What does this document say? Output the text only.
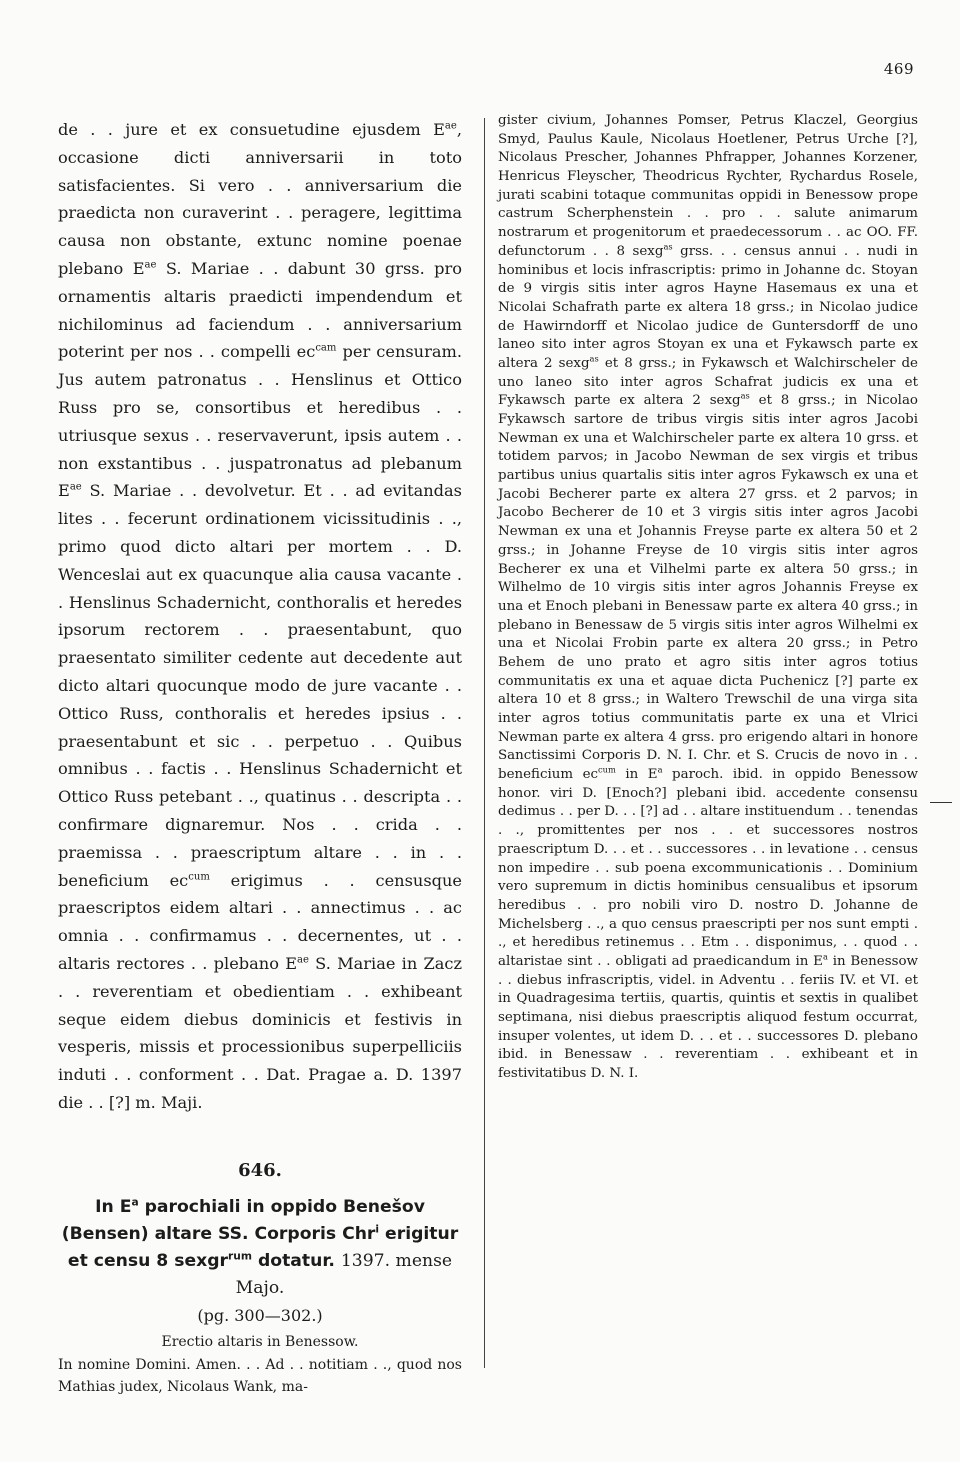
469

de . . jure et ex consuetudine ejusdem $E^{ae}$, occasione dicti anniversarii in toto satisfacientes. Si vero . . anniversarium die praedicta non curaverint . . peragere, legittima causa non obstante, extunc nomine poenae plebano $E^{ae}$ S. Mariae . . dabunt 30 grss. pro ornamentis altaris praedicti impendendum et nichilominus ad faciendum . . anniversarium poterint per nos . . compelli $ec^{cam}$ per censuram. Jus autem patronatus . . Henslinus et Ottico Russ pro se, consortibus et heredibus . . utriusque sexus . . reservaverunt, ipsis autem . . non exstantibus . . juspatronatus ad plebanum $E^{ae}$ S. Mariae . . devolvetur. Et . . ad evitandas lites . . fecerunt ordinationem vicissitudinis . ., primo quod dicto altari per mortem . . D. Wenceslai aut ex quacunque alia causa vacante . . Henslinus Schadernicht, conthoralis et heredes ipsorum rectorem . . praesentabunt, quo praesentato similiter cedente aut decedente aut dicto altari quocunque modo de jure vacante . . Ottico Russ, conthoralis et heredes ipsius . . praesentabunt et sic . . perpetuo . . Quibus omnibus . . factis . . Henslinus Schadernicht et Ottico Russ petebant . ., quatinus . . descripta . . confirmare dignaremur. Nos . . crida . . praemissa . . praescriptum altare . . in . . beneficium $ec^{cum}$ erigimus . . censusque praescriptos eidem altari . . annectimus . . ac omnia . . confirmamus . . decernentes, ut . . altaris rectores . . plebano $E^{ae}$ S. Mariae in Zacz . . reverentiam et obedientiam . . exhibeant seque eidem diebus dominicis et festivis in vesperis, missis et processionibus superpelliciis induti . . conforment . . Dat. Pragae a. D. 1397 die . . [?] m. Maji.

646.

In $E^a$ parochiali in oppido Benešov (Bensen) altare SS. Corporis Chr$^i$ erigitur et censu 8 sexgr$^{rum}$ dotatur. 1397. mense Majo.

(pg. 300—302.)

Erectio altaris in Benessow.

In nomine Domini. Amen. . . Ad . . notitiam . ., quod nos Mathias judex, Nicolaus Wank, ma-

gister civium, Johannes Pomser, Petrus Klaczel, Georgius Smyd, Paulus Kaule, Nicolaus Hoetlener, Petrus Urche [?], Nicolaus Prescher, Johannes Phfrapper, Johannes Korzener, Henricus Fleyscher, Theodricus Rychter, Rychardus Rosele, jurati scabini totaque communitas oppidi in Benessow prope castrum Scherphenstein . . pro . . salute animarum nostrarum et progenitorum et praedecessorum . . ac OO. FF. defunctorum . . 8 sexg$^{as}$ grss. . . census annui . . nudi in hominibus et locis infrascriptis: primo in Johanne dc. Stoyan de 9 virgis sitis inter agros Hayne Hasemaus ex una et Nicolai Schafrath parte ex altera 18 grss.; in Nicolao judice de Hawirndorff et Nicolao judice de Guntersdorff de uno laneo sito inter agros Stoyan ex una et Fykawsch parte ex altera 2 sexg$^{as}$ et 8 grss.; in Fykawsch et Walchirscheler de uno laneo sito inter agros Schafrat judicis ex una et Fykawsch parte ex altera 2 sexg$^{as}$ et 8 grss.; in Nicolao Fykawsch sartore de tribus virgis sitis inter agros Jacobi Newman ex una et Walchirscheler parte ex altera 10 grss. et totidem parvos; in Jacobo Newman de sex virgis et tribus partibus unius quartalis sitis inter agros Fykawsch ex una et Jacobi Becherer parte ex altera 27 grss. et 2 parvos; in Jacobo Becherer de 10 et 3 virgis sitis inter agros Jacobi Newman ex una et Johannis Freyse parte ex altera 50 et 2 grss.; in Johanne Freyse de 10 virgis sitis inter agros Becherer ex una et Vilhelmi parte ex altera 50 grss.; in Wilhelmo de 10 virgis sitis inter agros Johannis Freyse ex una et Enoch plebani in Benessaw parte ex altera 40 grss.; in plebano in Benessaw de 5 virgis sitis inter agros Wilhelmi ex una et Nicolai Frobin parte ex altera 20 grss.; in Petro Behem de uno prato et agro sitis inter agros totius communitatis ex una et aquae dicta Puchenicz [?] parte ex altera 10 et 8 grss.; in Waltero Trewschil de una virga sita inter agros totius communitatis parte ex una et Vlrici Newman parte ex altera 4 grss. pro erigendo altari in honore Sanctissimi Corporis D. N. I. Chr. et S. Crucis de novo in . . beneficium $ec^{cum}$ in $E^a$ paroch. ibid. in oppido Benessow honor. viri D. [Enoch?] plebani ibid. accedente consensu dedimus . . per D. . . [?] ad . . altare instituendum . . tenendas . ., promittentes per nos . . et successores nostros praescriptum D. . . et . . successores . . in levatione . . census non impedire . . sub poena excommunicationis . . Dominium vero supremum in dictis hominibus censualibus et ipsorum heredibus . . pro nobili viro D. nostro D. Johanne de Michelsberg . ., a quo census praescripti per nos sunt empti . ., et heredibus retinemus . . Etm . . disponimus, . . quod . . altaristae sint . . obligati ad praedicandum in $E^a$ in Benessow . . diebus infrascriptis, videl. in Adventu . . feriis IV. et VI. et in Quadragesima tertiis, quartis, quintis et sextis in qualibet septimana, nisi diebus praescriptis aliquod festum occurrat, insuper volentes, ut idem D. . . et . . successores D. plebano ibid. in Benessaw . . reverentiam . . exhibeant et in festivitatibus D. N. I.
